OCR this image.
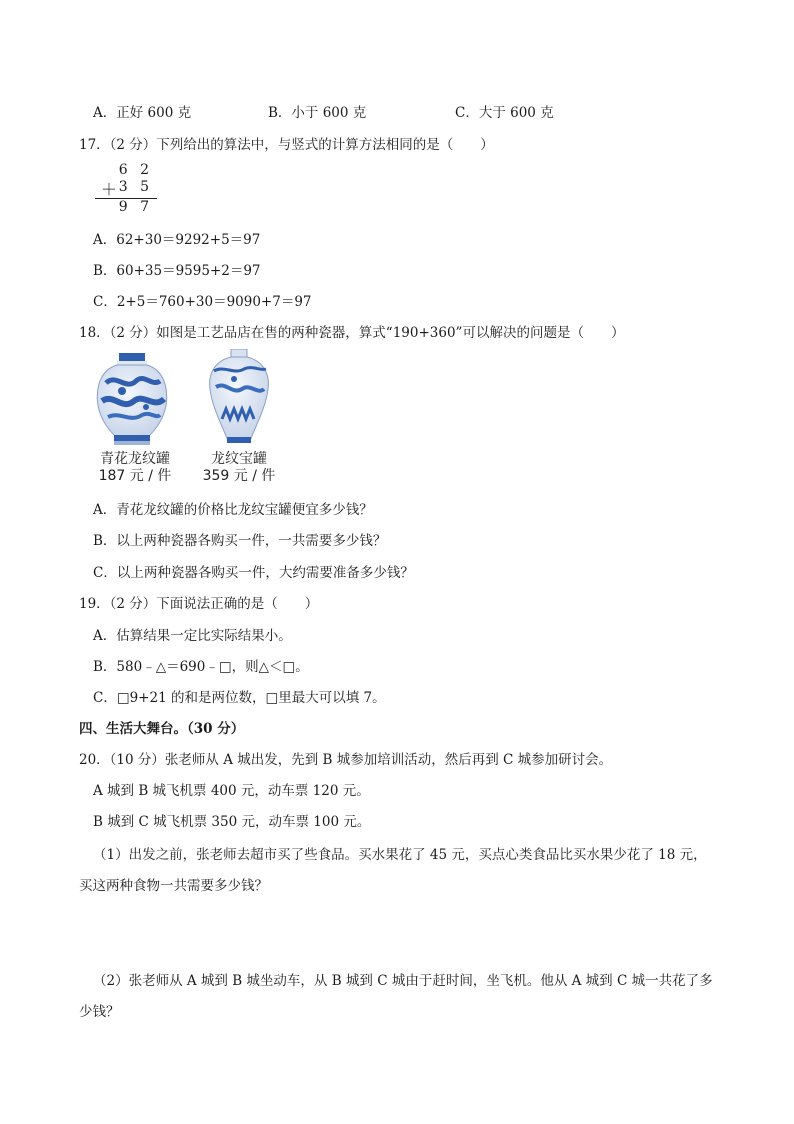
A．正好 600 克	B．小于 600 克	C．大于 600 克
17．（2 分）下列给出的算法中，与竖式的计算方法相同的是（　　）
6 2
＋ 3 5
9 7
A．62+30＝9292+5＝97
B．60+35＝9595+2＝97
C．2+5＝760+30＝9090+7＝97
18．（2 分）如图是工艺品店在售的两种瓷器，算式“190+360”可以解决的问题是（　　）
青花龙纹罐
187 元 / 件
龙纹宝罐
359 元 / 件
A．青花龙纹罐的价格比龙纹宝罐便宜多少钱？
B．以上两种瓷器各购买一件，一共需要多少钱？
C．以上两种瓷器各购买一件，大约需要准备多少钱？
19．（2 分）下面说法正确的是（　　）
A．估算结果一定比实际结果小。
B．580﹣△＝690﹣□，则△＜□。
C．□9+21 的和是两位数，□里最大可以填 7。
四、生活大舞台。（30 分）
20．（10 分）张老师从 A 城出发，先到 B 城参加培训活动，然后再到 C 城参加研讨会。
A 城到 B 城飞机票 400 元，动车票 120 元。
B 城到 C 城飞机票 350 元，动车票 100 元。
（1）出发之前，张老师去超市买了些食品。买水果花了 45 元，买点心类食品比买水果少花了 18 元，
买这两种食物一共需要多少钱？
（2）张老师从 A 城到 B 城坐动车，从 B 城到 C 城由于赶时间，坐飞机。他从 A 城到 C 城一共花了多
少钱？
